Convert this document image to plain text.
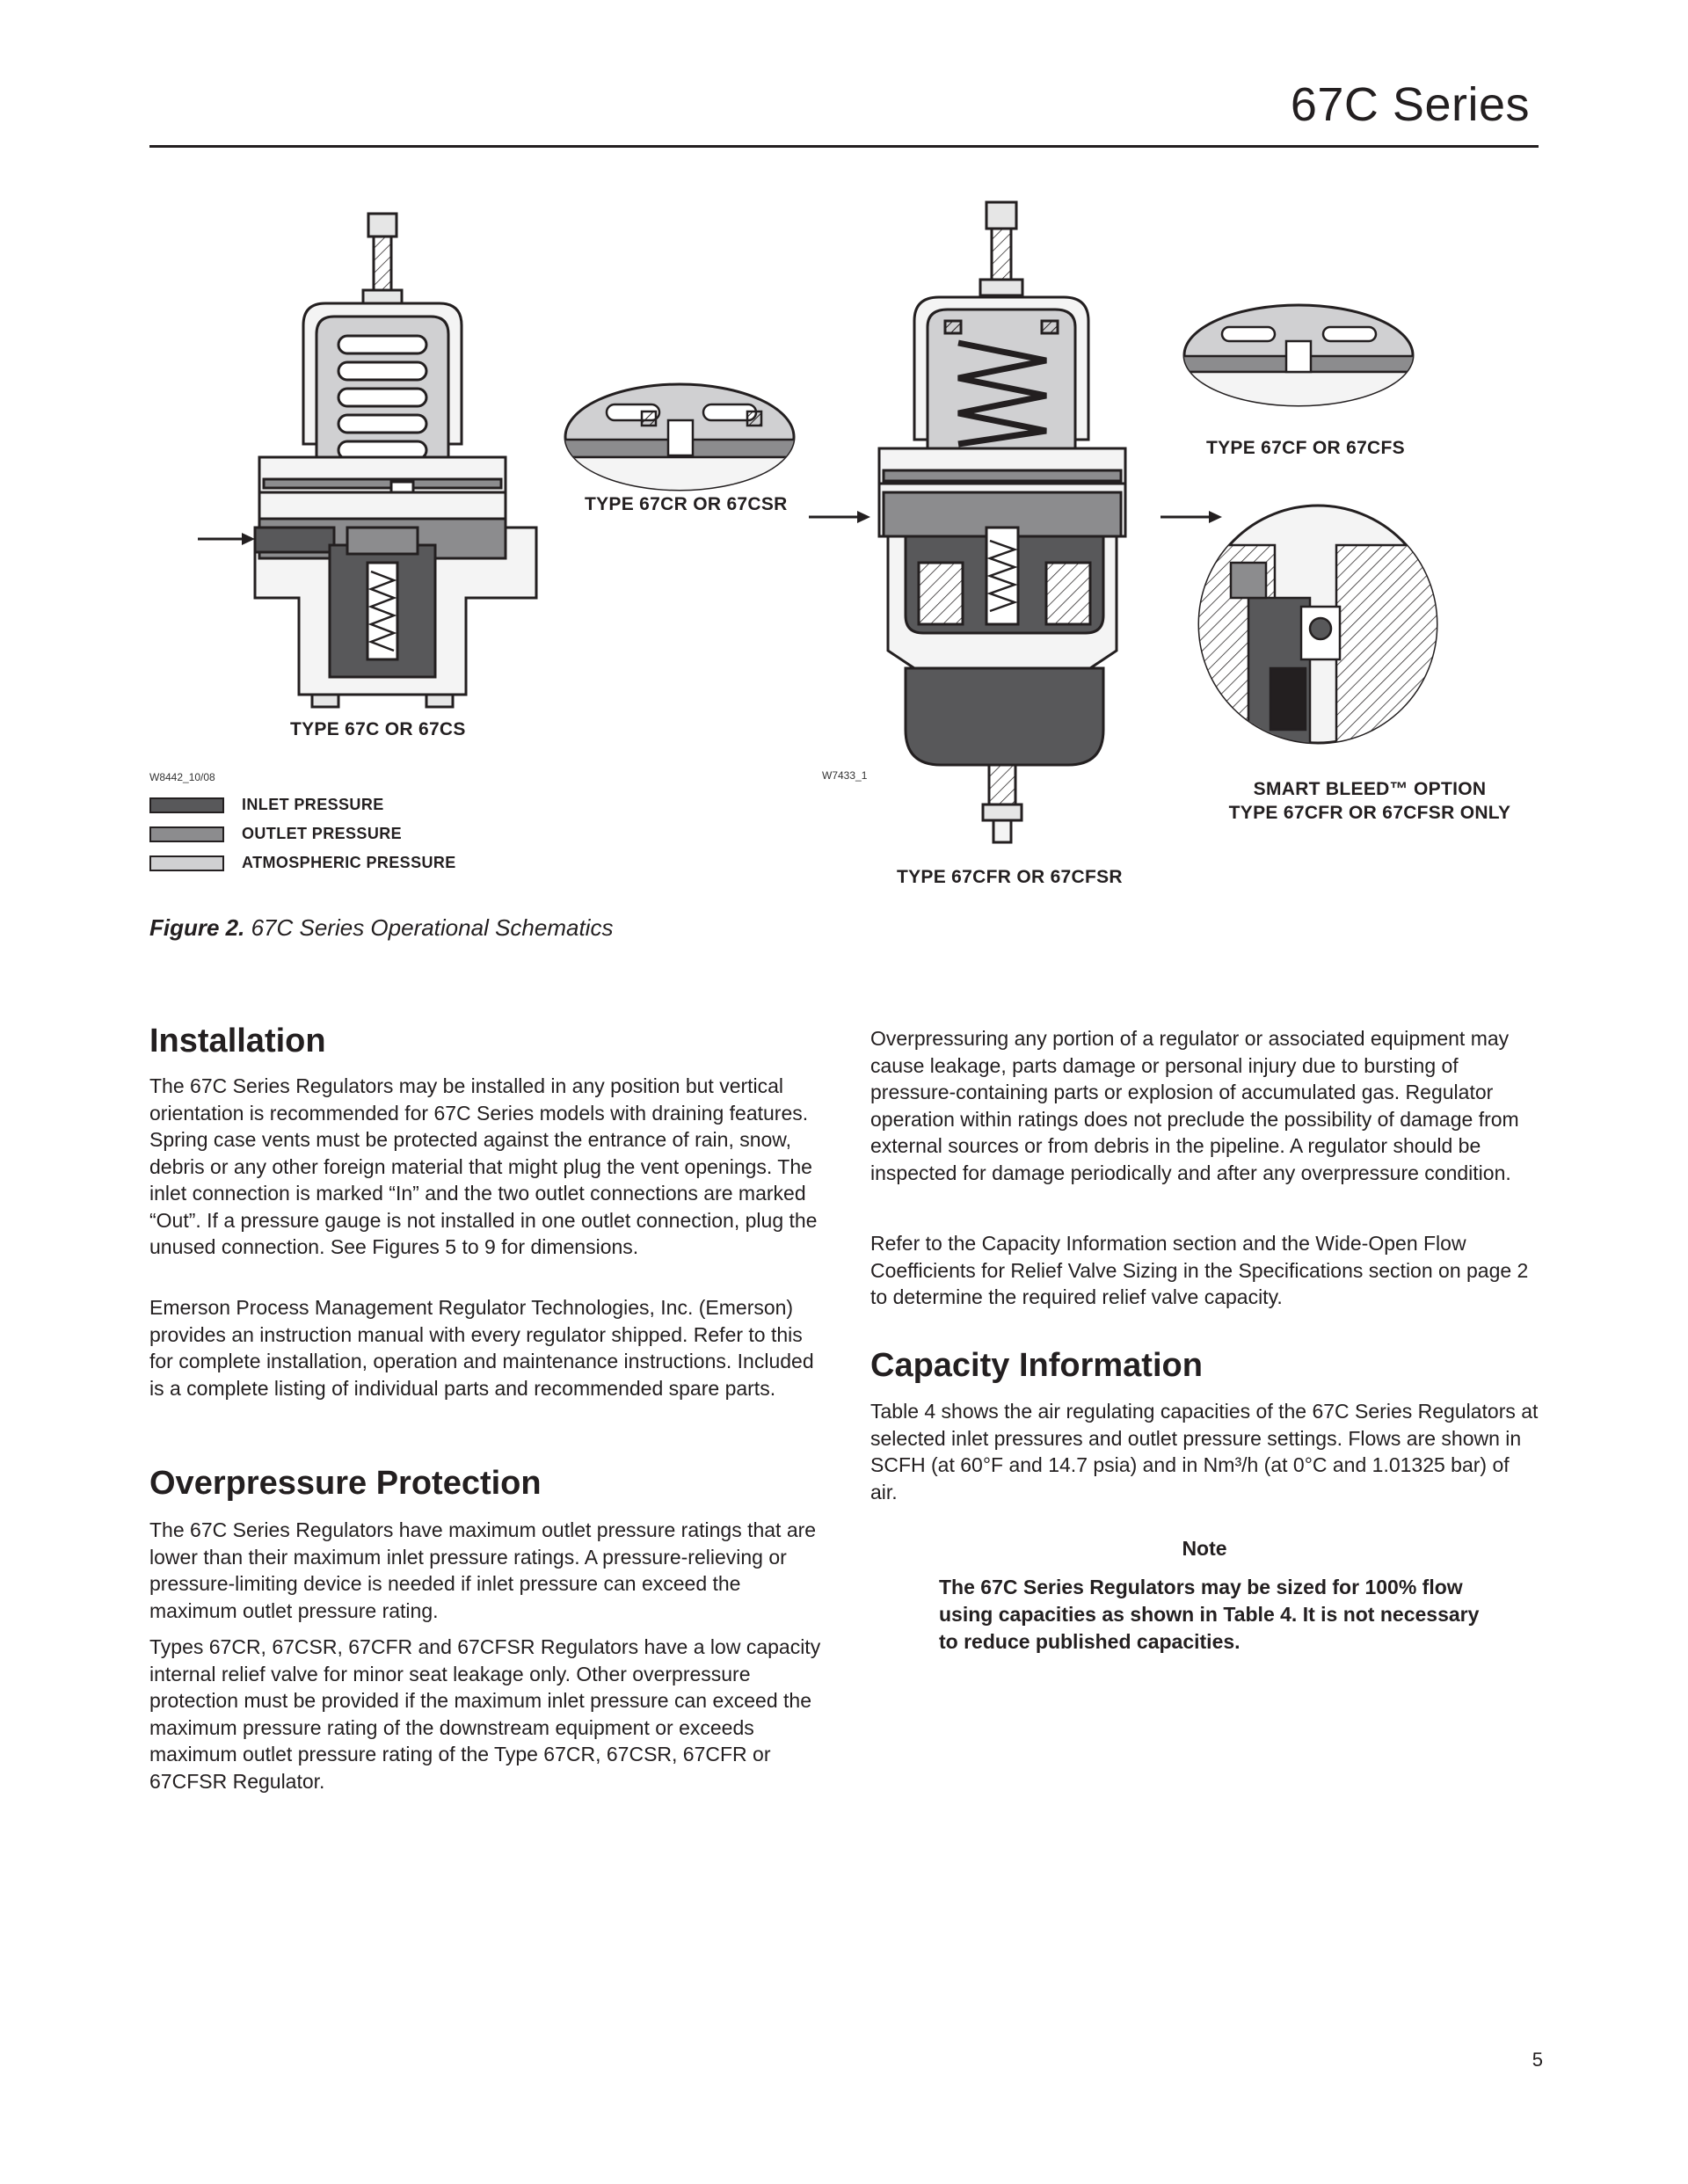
67C Series
TYPE 67C OR 67CS
TYPE 67CR OR 67CSR
TYPE 67CF OR 67CFS
TYPE 67CFR OR 67CFSR
SMART BLEED™ OPTION
TYPE 67CFR OR 67CFSR ONLY
W8442_10/08	W7433_1
INLET PRESSURE
OUTLET PRESSURE
ATMOSPHERIC PRESSURE
Figure 2. 67C Series Operational Schematics
Installation

The 67C Series Regulators may be installed in any position but vertical orientation is recommended for 67C Series models with draining features. Spring case vents must be protected against the entrance of rain, snow, debris or any other foreign material that might plug the vent openings. The inlet connection is marked “In” and the two outlet connections are marked “Out”. If a pressure gauge is not installed in one outlet connection, plug the unused connection. See Figures 5 to 9 for dimensions.

Emerson Process Management Regulator Technologies, Inc. (Emerson) provides an instruction manual with every regulator shipped. Refer to this for complete installation, operation and maintenance instructions. Included is a complete listing of individual parts and recommended spare parts.

Overpressure Protection

The 67C Series Regulators have maximum outlet pressure ratings that are lower than their maximum inlet pressure ratings. A pressure-relieving or pressure-limiting device is needed if inlet pressure can exceed the maximum outlet pressure rating.

Types 67CR, 67CSR, 67CFR and 67CFSR Regulators have a low capacity internal relief valve for minor seat leakage only. Other overpressure protection must be provided if the maximum inlet pressure can exceed the maximum pressure rating of the downstream equipment or exceeds maximum outlet pressure rating of the Type 67CR, 67CSR, 67CFR or 67CFSR Regulator.

Overpressuring any portion of a regulator or associated equipment may cause leakage, parts damage or personal injury due to bursting of pressure-containing parts or explosion of accumulated gas. Regulator operation within ratings does not preclude the possibility of damage from external sources or from debris in the pipeline. A regulator should be inspected for damage periodically and after any overpressure condition.

Refer to the Capacity Information section and the Wide-Open Flow Coefficients for Relief Valve Sizing in the Specifications section on page 2 to determine the required relief valve capacity.

Capacity Information

Table 4 shows the air regulating capacities of the 67C Series Regulators at selected inlet pressures and outlet pressure settings. Flows are shown in SCFH (at 60°F and 14.7 psia) and in Nm³/h (at 0°C and 1.01325 bar) of air.

Note
The 67C Series Regulators may be sized for 100% flow using capacities as shown in Table 4. It is not necessary to reduce published capacities.
5
